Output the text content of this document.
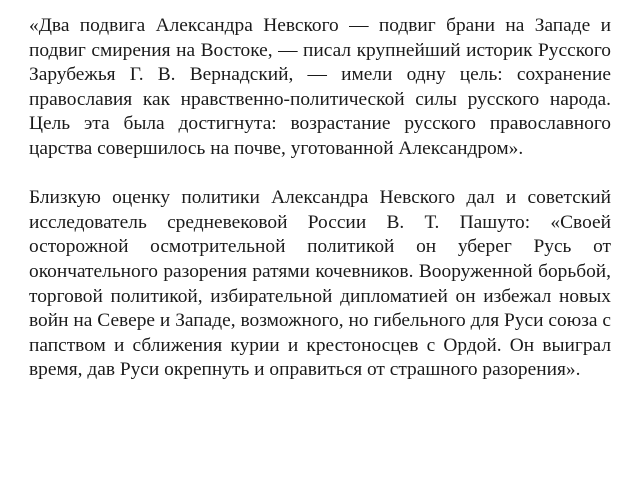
«Два подвига Александра Невского — подвиг брани на Западе и подвиг смирения на Востоке, — писал крупнейший историк Русского Зарубежья Г. В. Вернадский, — имели одну цель: сохранение православия как нравственно-политической силы русского народа. Цель эта была достигнута: возрастание русского православного царства совершилось на почве, уготованной Александром».

Близкую оценку политики Александра Невского дал и советский исследователь средневековой России В. Т. Пашуто: «Своей осторожной осмотрительной политикой он уберег Русь от окончательного разорения ратями кочевников. Вооруженной борьбой, торговой политикой, избирательной дипломатией он избежал новых войн на Севере и Западе, возможного, но гибельного для Руси союза с папством и сближения курии и крестоносцев с Ордой. Он выиграл время, дав Руси окрепнуть и оправиться от страшного разорения».
